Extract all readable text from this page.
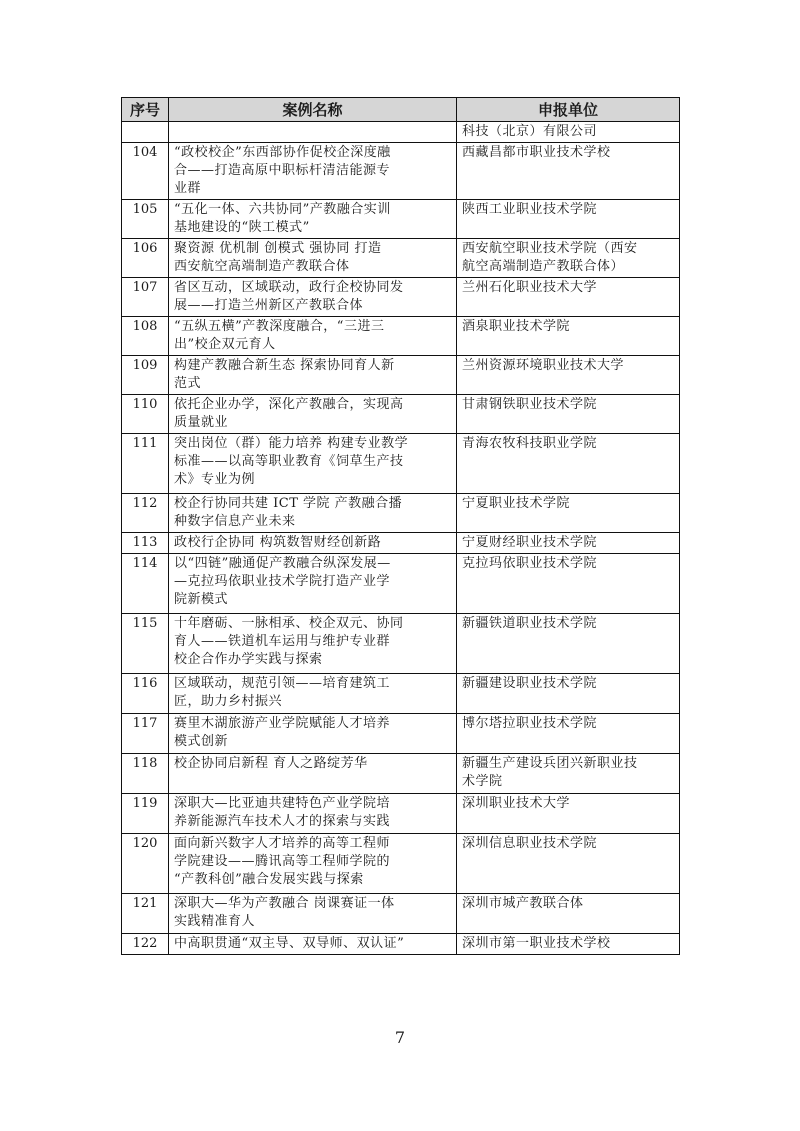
序号	案例名称	申报单位

		科技（北京）有限公司

104	“政校校企”东西部协作促校企深度融
合——打造高原中职标杆清洁能源专
业群	西藏昌都市职业技术学校

105	“五化一体、六共协同”产教融合实训
基地建设的“陕工模式”	陕西工业职业技术学院

106	聚资源 优机制 创模式 强协同 打造
西安航空高端制造产教联合体	西安航空职业技术学院（西安
航空高端制造产教联合体）

107	省区互动，区域联动，政行企校协同发
展——打造兰州新区产教联合体	兰州石化职业技术大学

108	“五纵五横”产教深度融合，“三进三
出”校企双元育人	酒泉职业技术学院

109	构建产教融合新生态 探索协同育人新
范式	兰州资源环境职业技术大学

110	依托企业办学，深化产教融合，实现高
质量就业	甘肃钢铁职业技术学院

111	突出岗位（群）能力培养 构建专业教学
标准——以高等职业教育《饲草生产技
术》专业为例	青海农牧科技职业学院

112	校企行协同共建 ICT 学院 产教融合播
种数字信息产业未来	宁夏职业技术学院

113	政校行企协同 构筑数智财经创新路	宁夏财经职业技术学院

114	以“四链”融通促产教融合纵深发展—
—克拉玛依职业技术学院打造产业学
院新模式	克拉玛依职业技术学院

115	十年磨砺、一脉相承、校企双元、协同
育人——铁道机车运用与维护专业群
校企合作办学实践与探索	新疆铁道职业技术学院

116	区域联动，规范引领——培育建筑工
匠，助力乡村振兴	新疆建设职业技术学院

117	赛里木湖旅游产业学院赋能人才培养
模式创新	博尔塔拉职业技术学院

118	校企协同启新程 育人之路绽芳华	新疆生产建设兵团兴新职业技
术学院

119	深职大—比亚迪共建特色产业学院培
养新能源汽车技术人才的探索与实践	深圳职业技术大学

120	面向新兴数字人才培养的高等工程师
学院建设——腾讯高等工程师学院的
“产教科创”融合发展实践与探索	深圳信息职业技术学院

121	深职大—华为产教融合 岗课赛证一体
实践精准育人	深圳市城产教联合体

122	中高职贯通“双主导、双导师、双认证”	深圳市第一职业技术学校
7
